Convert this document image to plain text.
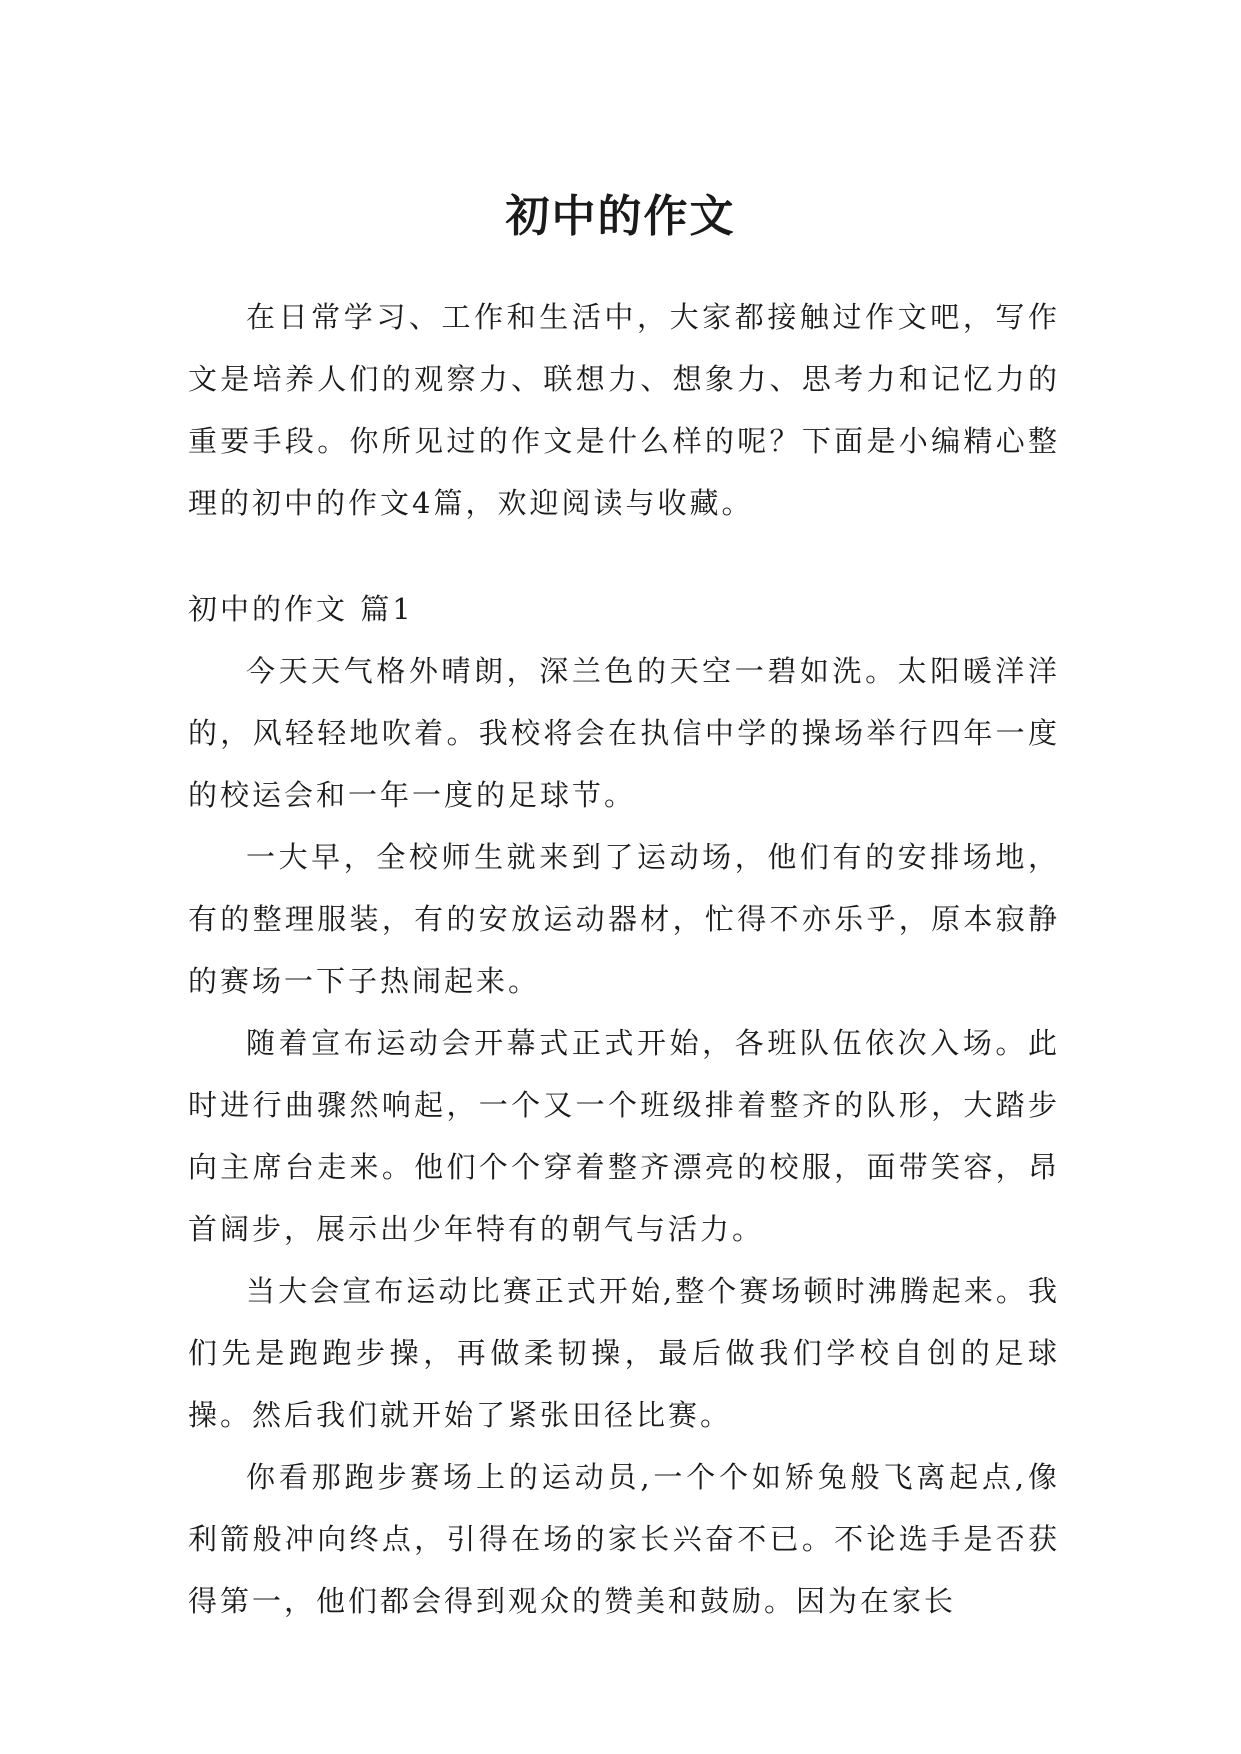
初中的作文

在日常学习、工作和生活中，大家都接触过作文吧，写作文是培养人们的观察力、联想力、想象力、思考力和记忆力的重要手段。你所见过的作文是什么样的呢？下面是小编精心整理的初中的作文4篇，欢迎阅读与收藏。

初中的作文 篇1

今天天气格外晴朗，深兰色的天空一碧如洗。太阳暖洋洋的，风轻轻地吹着。我校将会在执信中学的操场举行四年一度的校运会和一年一度的足球节。

一大早，全校师生就来到了运动场，他们有的安排场地，有的整理服装，有的安放运动器材，忙得不亦乐乎，原本寂静的赛场一下子热闹起来。

随着宣布运动会开幕式正式开始，各班队伍依次入场。此时进行曲骤然响起，一个又一个班级排着整齐的队形，大踏步向主席台走来。他们个个穿着整齐漂亮的校服，面带笑容，昂首阔步，展示出少年特有的朝气与活力。

当大会宣布运动比赛正式开始,整个赛场顿时沸腾起来。我们先是跑跑步操，再做柔韧操，最后做我们学校自创的足球操。然后我们就开始了紧张田径比赛。

你看那跑步赛场上的运动员,一个个如矫兔般飞离起点,像利箭般冲向终点，引得在场的家长兴奋不已。不论选手是否获得第一，他们都会得到观众的赞美和鼓励。因为在家长
